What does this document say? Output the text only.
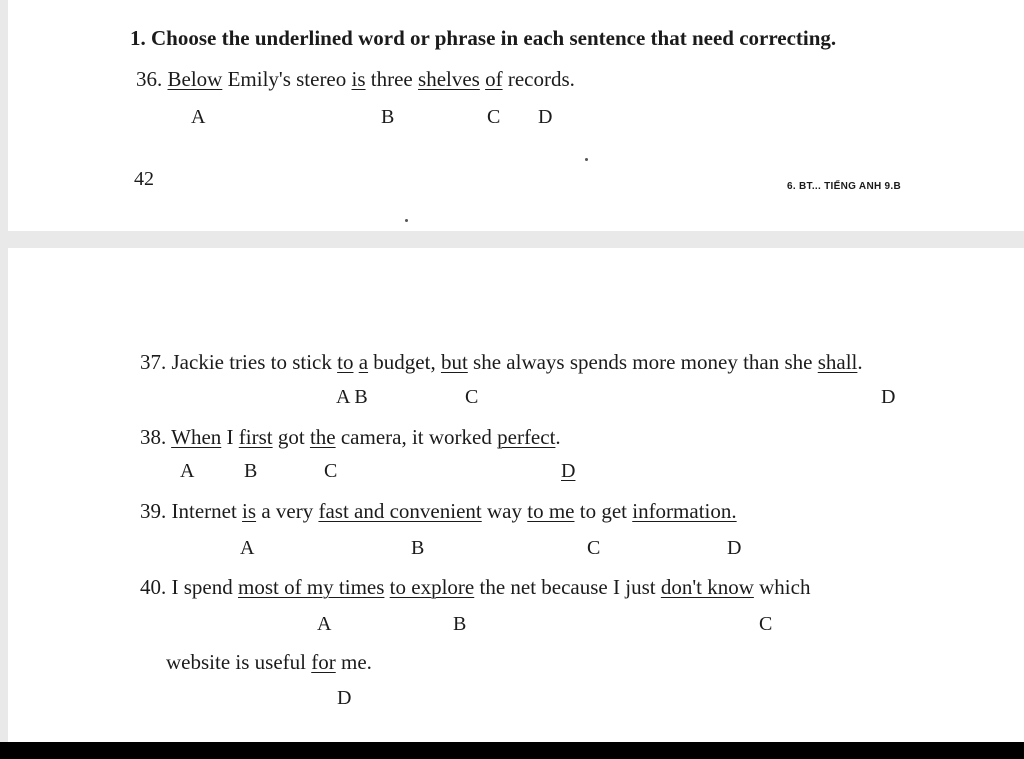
1. Choose the underlined word or phrase in each sentence that need correcting.
36. Below Emily's stereo is three shelves of records.
A	B	C D
42	6. BT... TIẾNG ANH 9.B
37. Jackie tries to stick to a budget, but she always spends more money than she shall.
A B	C	D
38. When I first got the camera, it worked perfect.
A B	C	D
39. Internet is a very fast and convenient way to me to get information.
A	B	C	D
40. I spend most of my times to explore the net because I just don't know which
A	B	C
website is useful for me.
D
